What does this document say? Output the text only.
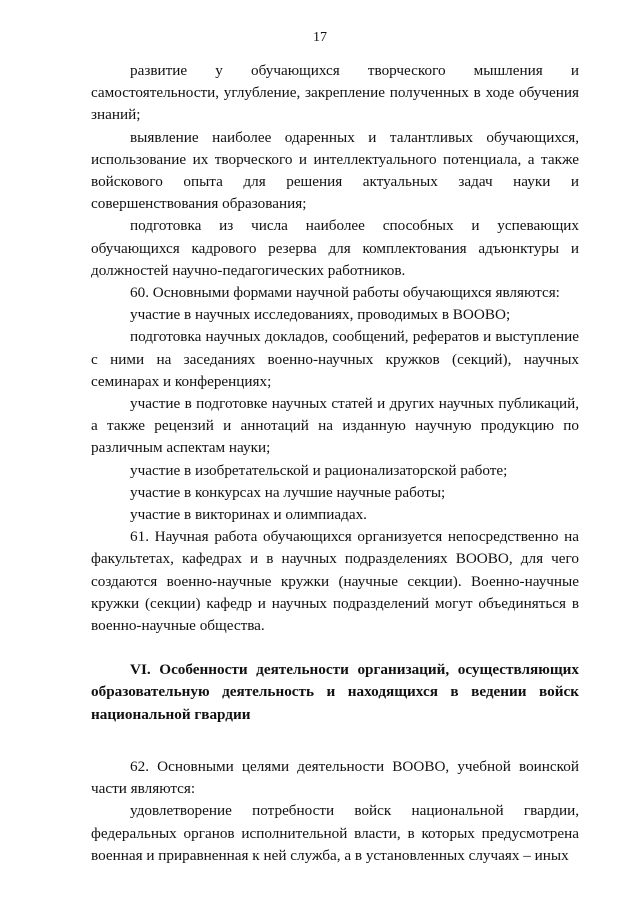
17

развитие у обучающихся творческого мышления и самостоятельности, углубление, закрепление полученных в ходе обучения знаний;

выявление наиболее одаренных и талантливых обучающихся, использование их творческого и интеллектуального потенциала, а также войскового опыта для решения актуальных задач науки и совершенствования образования;

подготовка из числа наиболее способных и успевающих обучающихся кадрового резерва для комплектования адъюнктуры и должностей научно-педагогических работников.

60. Основными формами научной работы обучающихся являются:

участие в научных исследованиях, проводимых в ВООВО;

подготовка научных докладов, сообщений, рефератов и выступление с ними на заседаниях военно-научных кружков (секций), научных семинарах и конференциях;

участие в подготовке научных статей и других научных публикаций, а также рецензий и аннотаций на изданную научную продукцию по различным аспектам науки;

участие в изобретательской и рационализаторской работе;

участие в конкурсах на лучшие научные работы;

участие в викторинах и олимпиадах.

61. Научная работа обучающихся организуется непосредственно на факультетах, кафедрах и в научных подразделениях ВООВО, для чего создаются военно-научные кружки (научные секции). Военно-научные кружки (секции) кафедр и научных подразделений могут объединяться в военно-научные общества.

VI. Особенности деятельности организаций, осуществляющих образовательную деятельность и находящихся в ведении войск национальной гвардии

62. Основными целями деятельности ВООВО, учебной воинской части являются:

удовлетворение потребности войск национальной гвардии, федеральных органов исполнительной власти, в которых предусмотрена военная и приравненная к ней служба, а в установленных случаях – иных
